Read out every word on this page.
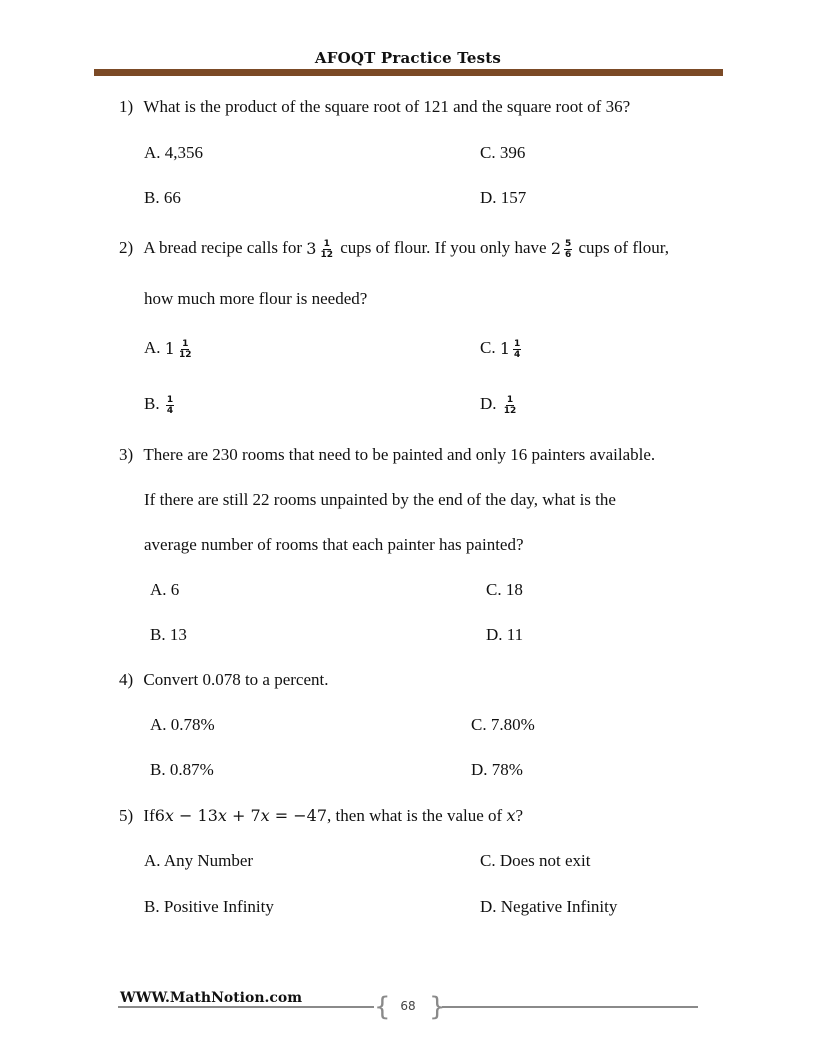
AFOQT Practice Tests
1) What is the product of the square root of 121 and the square root of 36?
A. 4,356	C. 396
B. 66	D. 157
2) A bread recipe calls for $3 \frac{1}{12}$ cups of flour. If you only have $2 \frac{5}{6}$ cups of flour,
how much more flour is needed?
A. $1 \frac{1}{12}$	C. $1 \frac{1}{4}$
B. $\frac{1}{4}$	D. $\frac{1}{12}$
3) There are 230 rooms that need to be painted and only 16 painters available.
If there are still 22 rooms unpainted by the end of the day, what is the
average number of rooms that each painter has painted?
A. 6	C. 18
B. 13	D. 11
4) Convert 0.078 to a percent.
A. 0.78%	C. 7.80%
B. 0.87%	D. 78%
5) If6𝑥 − 13𝑥 + 7𝑥 = −47, then what is the value of 𝑥?
A. Any Number	C. Does not exit
B. Positive Infinity	D. Negative Infinity
WWW.MathNotion.com	{ }
68
